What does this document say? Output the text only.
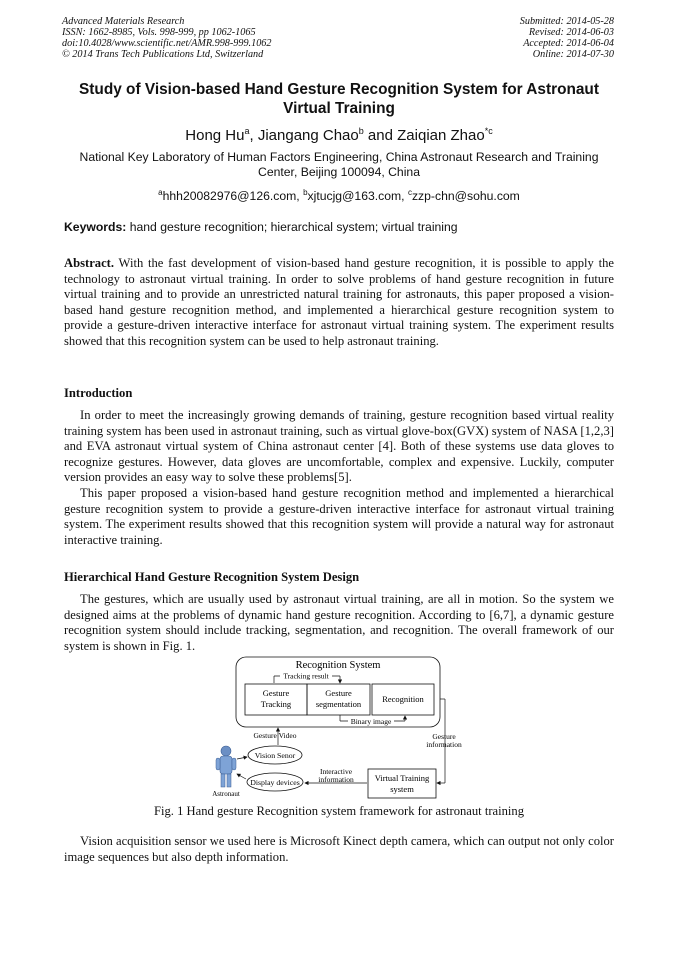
Advanced Materials Research
ISSN: 1662-8985, Vols. 998-999, pp 1062-1065
doi:10.4028/www.scientific.net/AMR.998-999.1062
© 2014 Trans Tech Publications Ltd, Switzerland
Submitted: 2014-05-28
Revised: 2014-06-03
Accepted: 2014-06-04
Online: 2014-07-30
Study of Vision-based Hand Gesture Recognition System for Astronaut
Virtual Training
Hong Hu$^a$, Jiangang Chao$^b$ and Zaiqian Zhao$^{*c}$
National Key Laboratory of Human Factors Engineering, China Astronaut Research and Training
Center, Beijing 100094, China
$^a$hhh20082976@126.com, $^b$xjtucjg@163.com, $^c$zzp-chn@sohu.com
Keywords: hand gesture recognition; hierarchical system; virtual training

Abstract. With the fast development of vision-based hand gesture recognition, it is possible to apply the technology to astronaut virtual training. In order to solve problems of hand gesture recognition in future virtual training and to provide an unrestricted natural training for astronauts, this paper proposed a vision-based hand gesture recognition method, and implemented a hierarchical gesture recognition system to provide a gesture-driven interactive interface for astronaut virtual training system. The experiment results showed that this recognition system can be used to help astronaut training.

Introduction

In order to meet the increasingly growing demands of training, gesture recognition based virtual reality training system has been used in astronaut training, such as virtual glove-box(GVX) system of NASA [1,2,3] and EVA astronaut virtual system of China astronaut center [4]. Both of these systems use data gloves to recognize gestures. However, data gloves are uncomfortable, complex and expensive. Luckily, computer version provides an easy way to solve these problems[5].

This paper proposed a vision-based hand gesture recognition method and implemented a hierarchical gesture recognition system to provide a gesture-driven interactive interface for astronaut virtual training system. The experiment results showed that this recognition system will provide a natural way for astronaut interactive training.

Hierarchical Hand Gesture Recognition System Design

The gestures, which are usually used by astronaut virtual training, are all in motion. So the system we designed aims at the problems of dynamic hand gesture recognition. According to [6,7], a dynamic gesture recognition system should include tracking, segmentation, and recognition. The overall framework of our system is shown in Fig. 1.

Recognition System
Tracking result
Gesture
Tracking
Gesture
segmentation Recognition
Binary image
Gesture Video
Vision Senor
Display devices
Gesture
information
Virtual Training
system
Interactive
information
Astronaut
Fig. 1 Hand gesture Recognition system framework for astronaut training

Vision acquisition sensor we used here is Microsoft Kinect depth camera, which can output not only color image sequences but also depth information.
